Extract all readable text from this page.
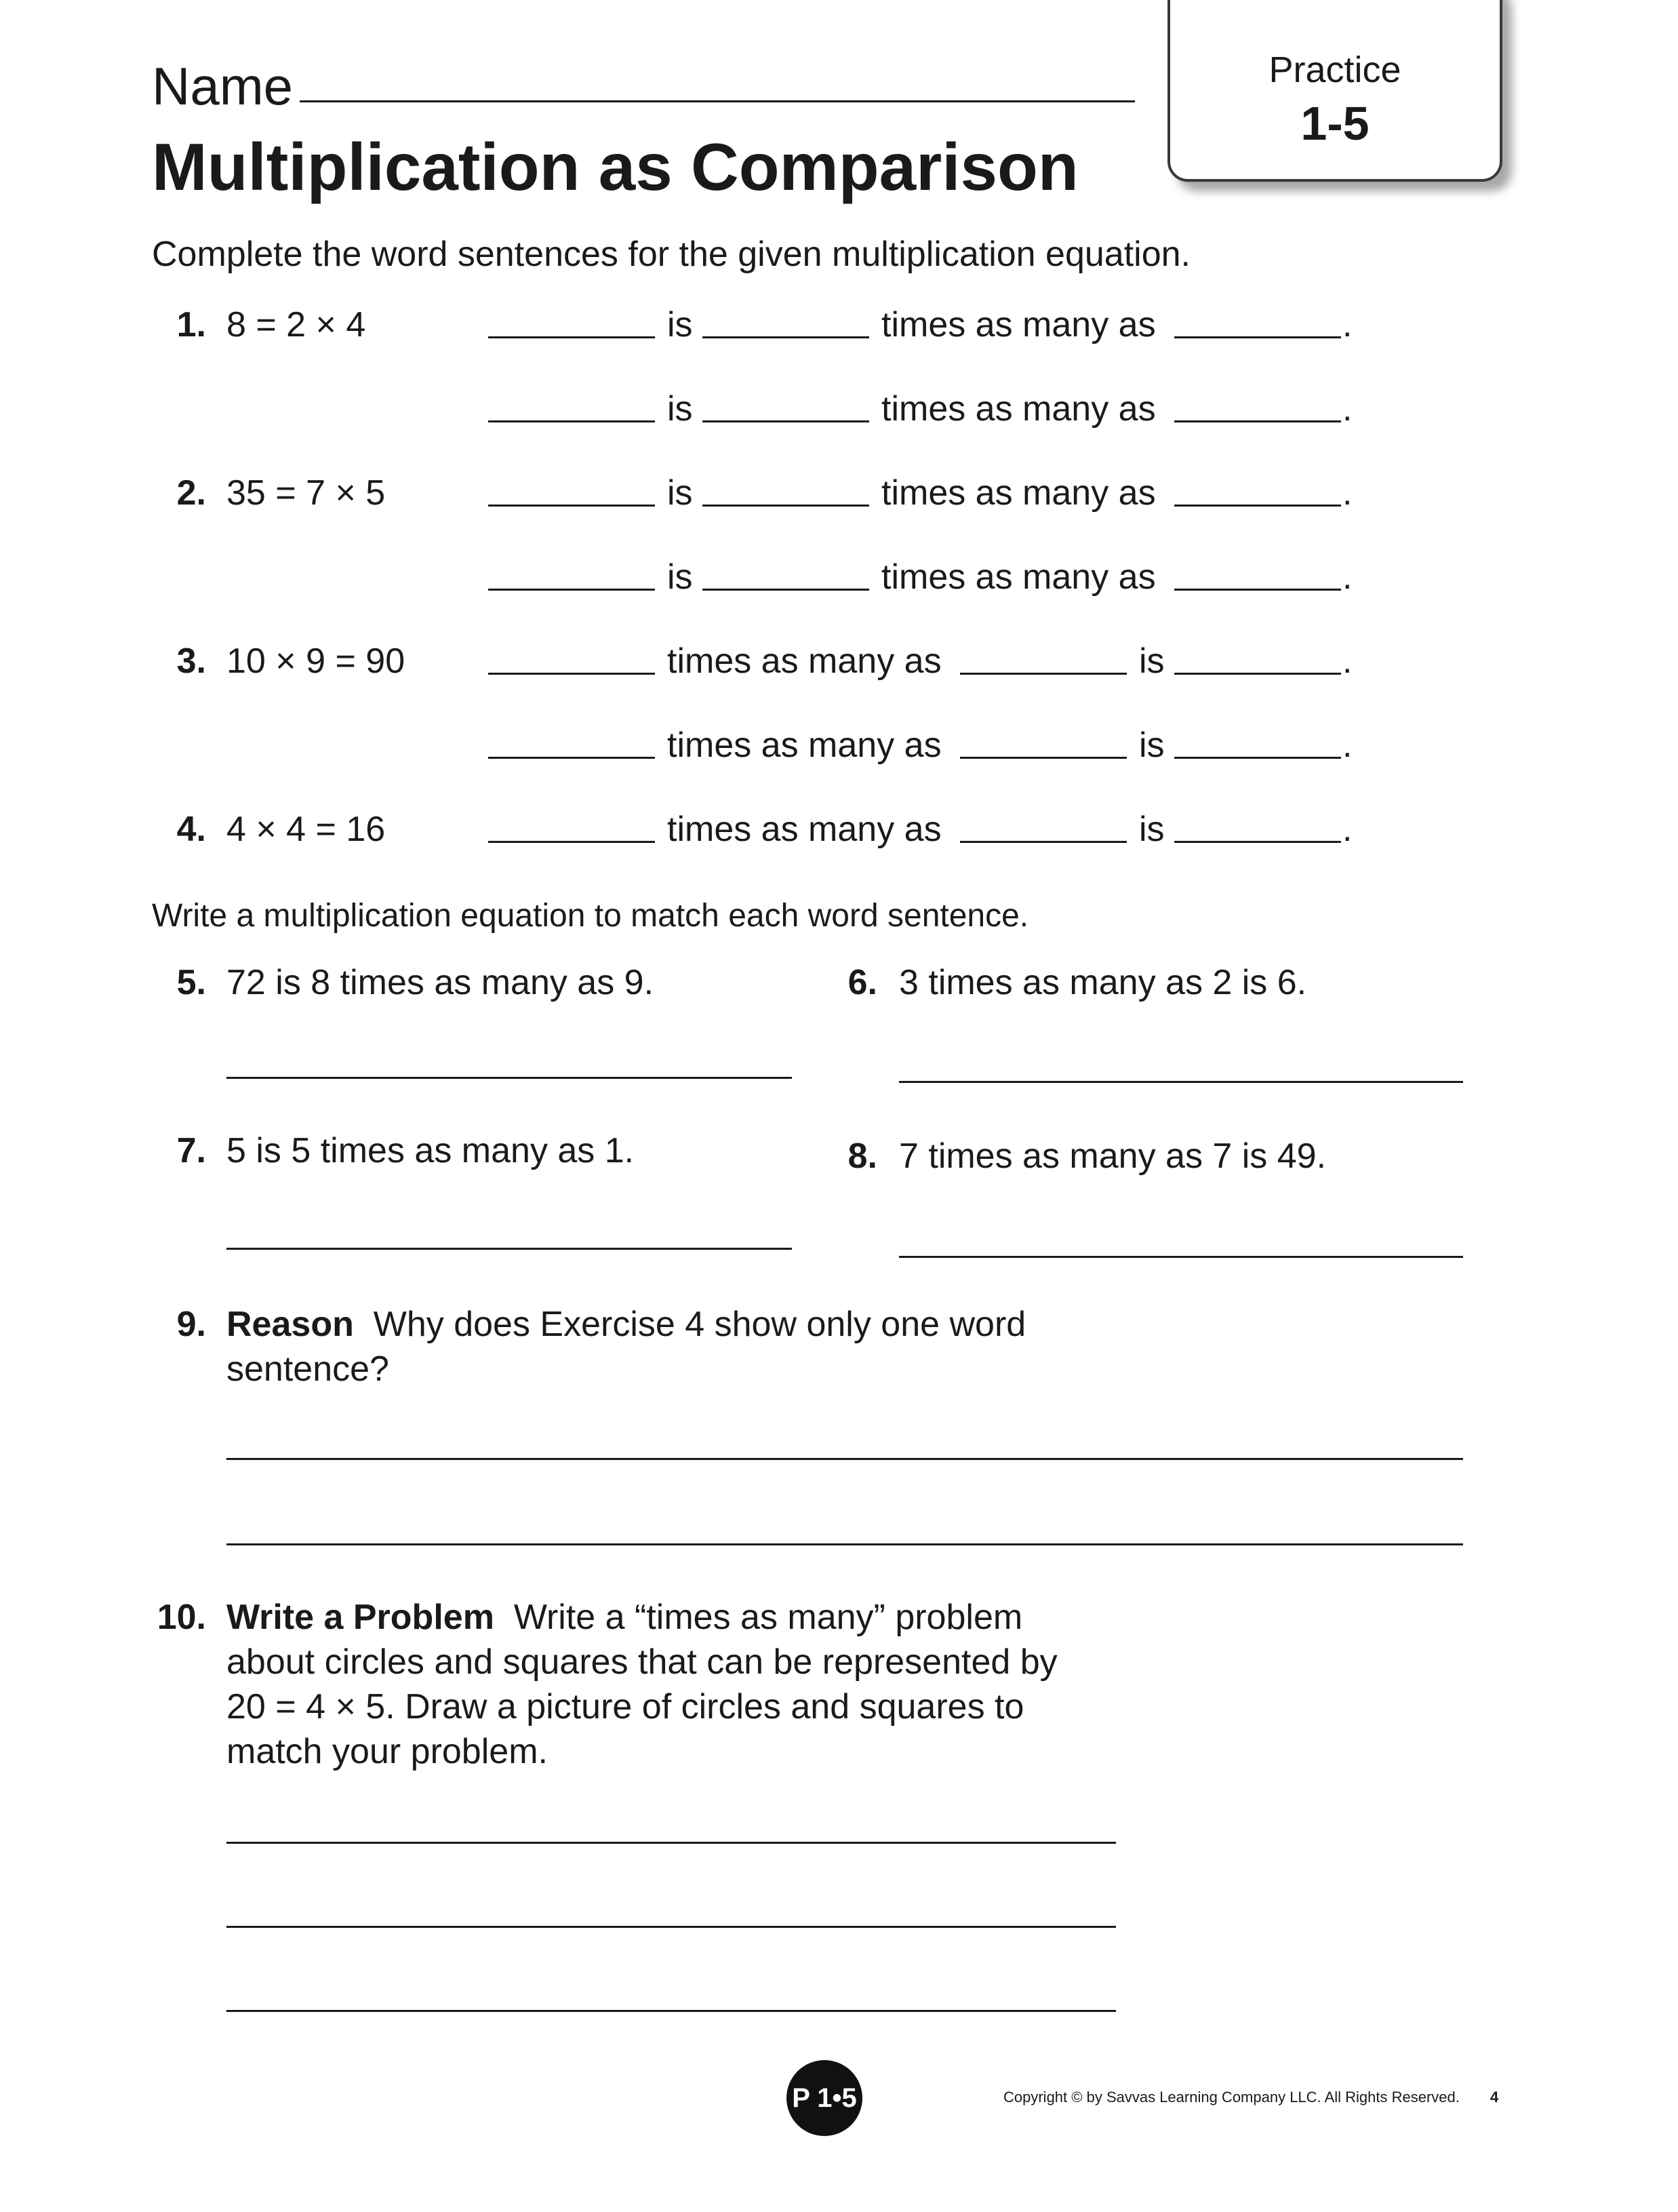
Name
Multiplication as Comparison
Practice
1-5
Complete the word sentences for the given multiplication equation.
1. 8 = 2 × 4	is	times as many as	.
is	times as many as	.
2. 35 = 7 × 5	is	times as many as	.
is	times as many as	.
3. 10 × 9 = 90	times as many as	is	.
times as many as	is	.
4. 4 × 4 = 16	times as many as	is	.
Write a multiplication equation to match each word sentence.
5. 72 is 8 times as many as 9.	6. 3 times as many as 2 is 6.
7. 5 is 5 times as many as 1.	8. 7 times as many as 7 is 49.
9. Reason Why does Exercise 4 show only one word
sentence?
10. Write a Problem Write a “times as many” problem
about circles and squares that can be represented by
20 = 4 × 5. Draw a picture of circles and squares to
match your problem.
P 1•5	Copyright © by Savvas Learning Company LLC. All Rights Reserved. 4
